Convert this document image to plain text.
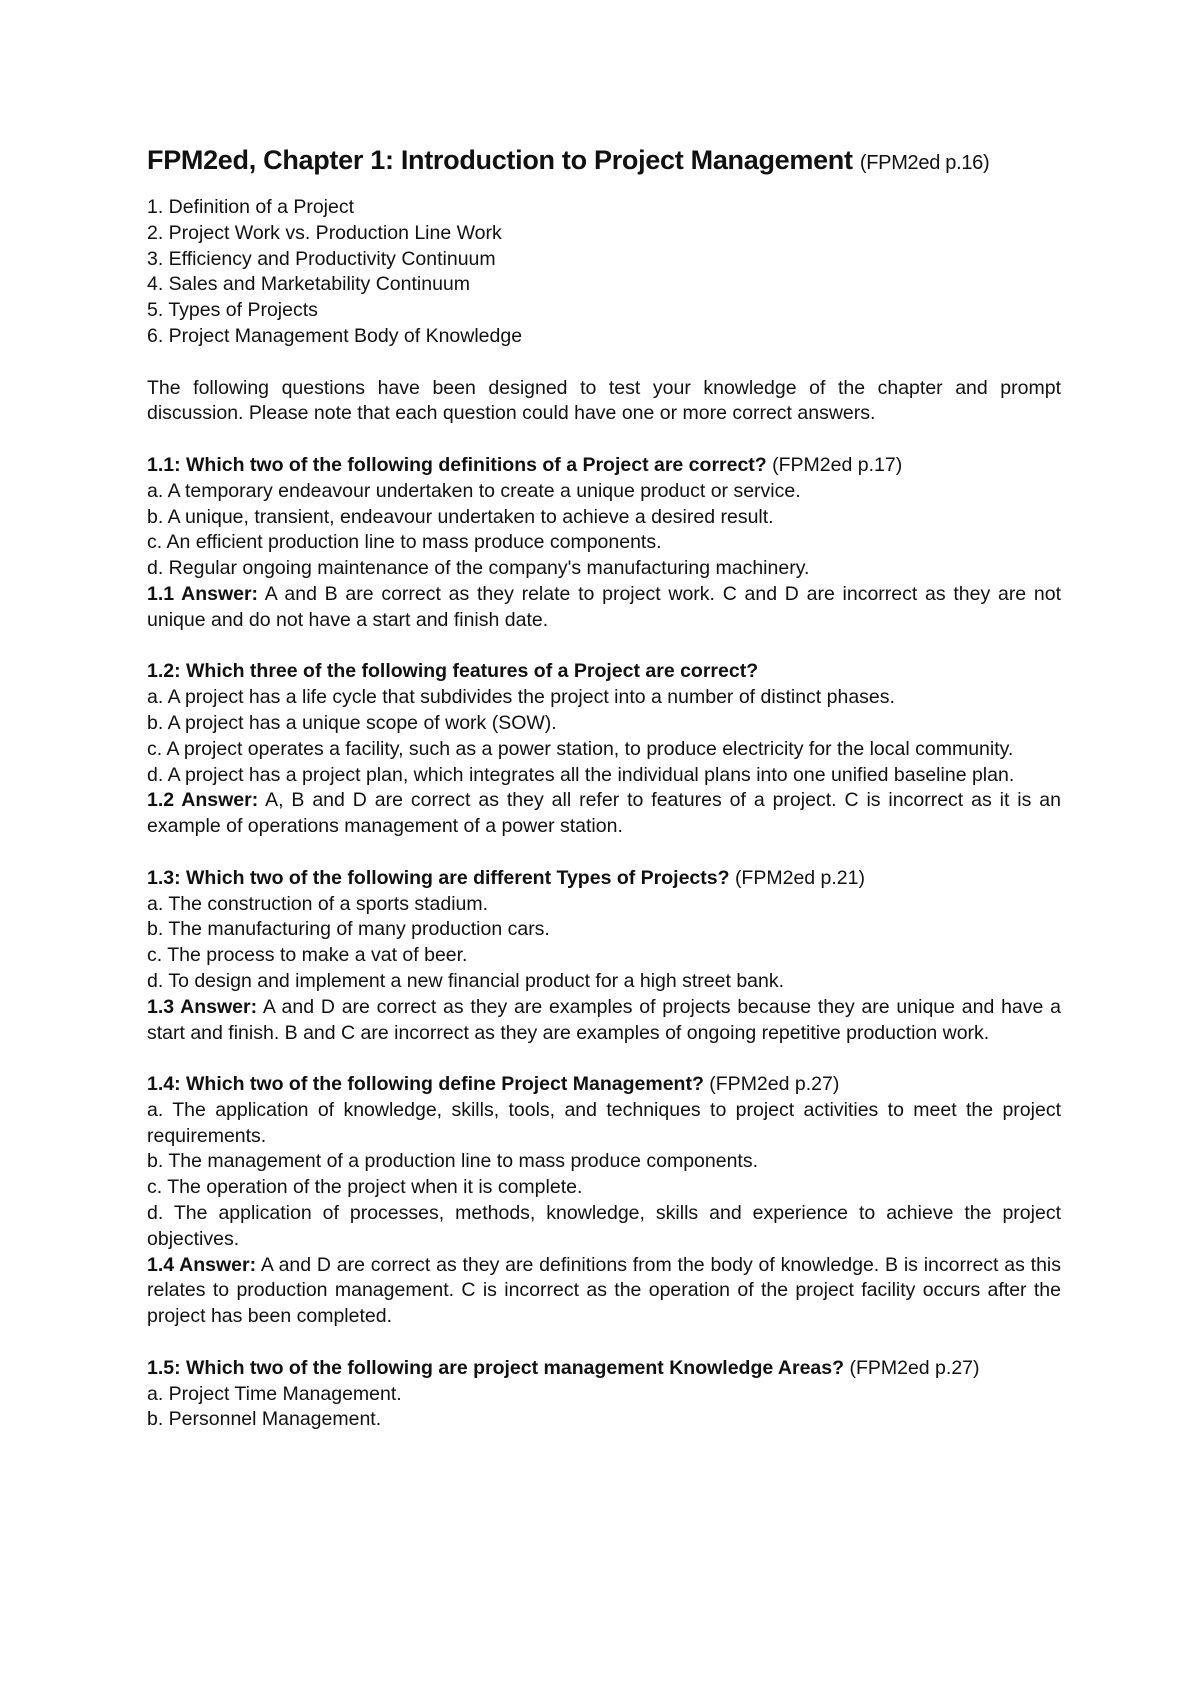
FPM2ed, Chapter 1: Introduction to Project Management (FPM2ed p.16)
1. Definition of a Project
2. Project Work vs. Production Line Work
3. Efficiency and Productivity Continuum
4. Sales and Marketability Continuum
5. Types of Projects
6. Project Management Body of Knowledge

The following questions have been designed to test your knowledge of the chapter and prompt discussion. Please note that each question could have one or more correct answers.

1.1: Which two of the following definitions of a Project are correct? (FPM2ed p.17)

a. A temporary endeavour undertaken to create a unique product or service.

b. A unique, transient, endeavour undertaken to achieve a desired result.

c. An efficient production line to mass produce components.

d. Regular ongoing maintenance of the company's manufacturing machinery.

1.1 Answer: A and B are correct as they relate to project work. C and D are incorrect as they are not unique and do not have a start and finish date.

1.2: Which three of the following features of a Project are correct?

a. A project has a life cycle that subdivides the project into a number of distinct phases.

b. A project has a unique scope of work (SOW).

c. A project operates a facility, such as a power station, to produce electricity for the local community.

d. A project has a project plan, which integrates all the individual plans into one unified baseline plan.

1.2 Answer: A, B and D are correct as they all refer to features of a project. C is incorrect as it is an example of operations management of a power station.

1.3: Which two of the following are different Types of Projects? (FPM2ed p.21)

a. The construction of a sports stadium.

b. The manufacturing of many production cars.

c. The process to make a vat of beer.

d. To design and implement a new financial product for a high street bank.

1.3 Answer: A and D are correct as they are examples of projects because they are unique and have a start and finish. B and C are incorrect as they are examples of ongoing repetitive production work.

1.4: Which two of the following define Project Management? (FPM2ed p.27)

a. The application of knowledge, skills, tools, and techniques to project activities to meet the project requirements.

b. The management of a production line to mass produce components.

c. The operation of the project when it is complete.

d. The application of processes, methods, knowledge, skills and experience to achieve the project objectives.

1.4 Answer: A and D are correct as they are definitions from the body of knowledge. B is incorrect as this relates to production management. C is incorrect as the operation of the project facility occurs after the project has been completed.

1.5: Which two of the following are project management Knowledge Areas? (FPM2ed p.27)

a. Project Time Management.

b. Personnel Management.
